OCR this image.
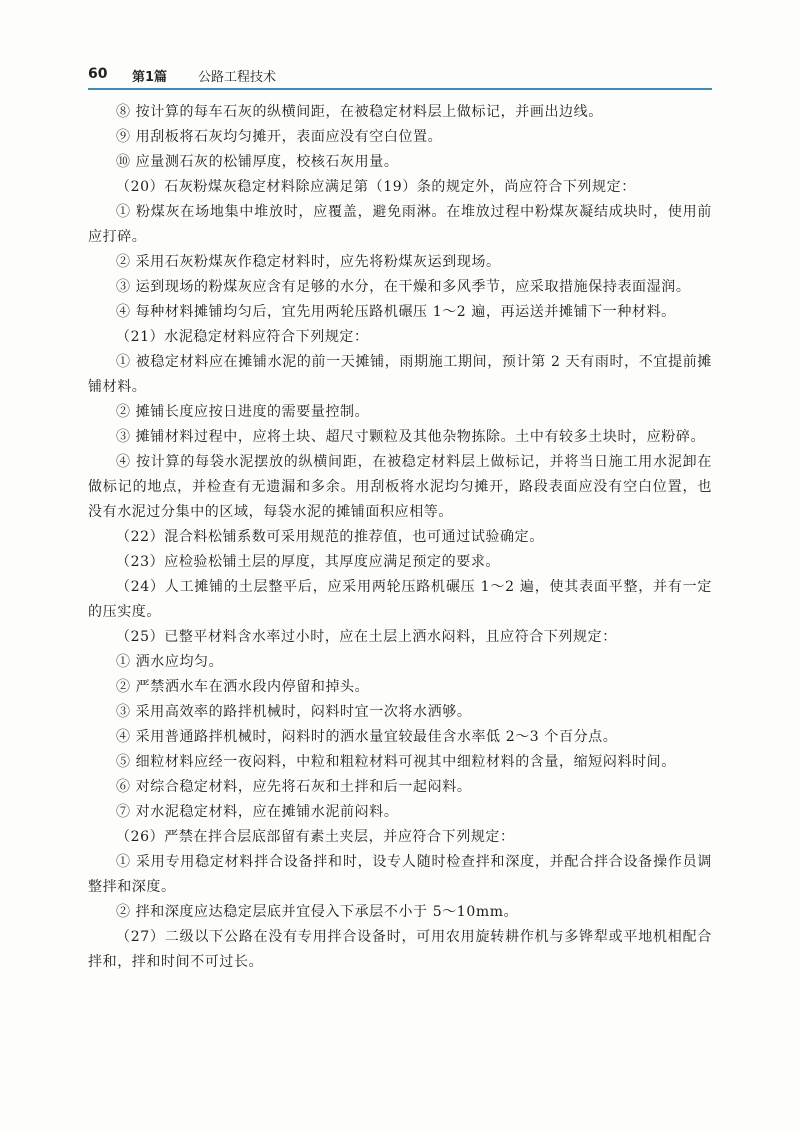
60 第1篇 公路工程技术

⑧ 按计算的每车石灰的纵横间距，在被稳定材料层上做标记，并画出边线。

⑨ 用刮板将石灰均匀摊开，表面应没有空白位置。

⑩ 应量测石灰的松铺厚度，校核石灰用量。

（20）石灰粉煤灰稳定材料除应满足第（19）条的规定外，尚应符合下列规定：

① 粉煤灰在场地集中堆放时，应覆盖，避免雨淋。在堆放过程中粉煤灰凝结成块时，使用前应打碎。

② 采用石灰粉煤灰作稳定材料时，应先将粉煤灰运到现场。

③ 运到现场的粉煤灰应含有足够的水分，在干燥和多风季节，应采取措施保持表面湿润。

④ 每种材料摊铺均匀后，宜先用两轮压路机碾压 1～2 遍，再运送并摊铺下一种材料。

（21）水泥稳定材料应符合下列规定：

① 被稳定材料应在摊铺水泥的前一天摊铺，雨期施工期间，预计第 2 天有雨时，不宜提前摊铺材料。

② 摊铺长度应按日进度的需要量控制。

③ 摊铺材料过程中，应将土块、超尺寸颗粒及其他杂物拣除。土中有较多土块时，应粉碎。

④ 按计算的每袋水泥摆放的纵横间距，在被稳定材料层上做标记，并将当日施工用水泥卸在做标记的地点，并检查有无遗漏和多余。用刮板将水泥均匀摊开，路段表面应没有空白位置，也没有水泥过分集中的区域，每袋水泥的摊铺面积应相等。

（22）混合料松铺系数可采用规范的推荐值，也可通过试验确定。

（23）应检验松铺土层的厚度，其厚度应满足预定的要求。

（24）人工摊铺的土层整平后，应采用两轮压路机碾压 1～2 遍，使其表面平整，并有一定的压实度。

（25）已整平材料含水率过小时，应在土层上洒水闷料，且应符合下列规定：

① 洒水应均匀。

② 严禁洒水车在洒水段内停留和掉头。

③ 采用高效率的路拌机械时，闷料时宜一次将水洒够。

④ 采用普通路拌机械时，闷料时的洒水量宜较最佳含水率低 2～3 个百分点。

⑤ 细粒材料应经一夜闷料，中粒和粗粒材料可视其中细粒材料的含量，缩短闷料时间。

⑥ 对综合稳定材料，应先将石灰和土拌和后一起闷料。

⑦ 对水泥稳定材料，应在摊铺水泥前闷料。

（26）严禁在拌合层底部留有素土夹层，并应符合下列规定：

① 采用专用稳定材料拌合设备拌和时，设专人随时检查拌和深度，并配合拌合设备操作员调整拌和深度。

② 拌和深度应达稳定层底并宜侵入下承层不小于 5～10mm。

（27）二级以下公路在没有专用拌合设备时，可用农用旋转耕作机与多铧犁或平地机相配合拌和，拌和时间不可过长。
